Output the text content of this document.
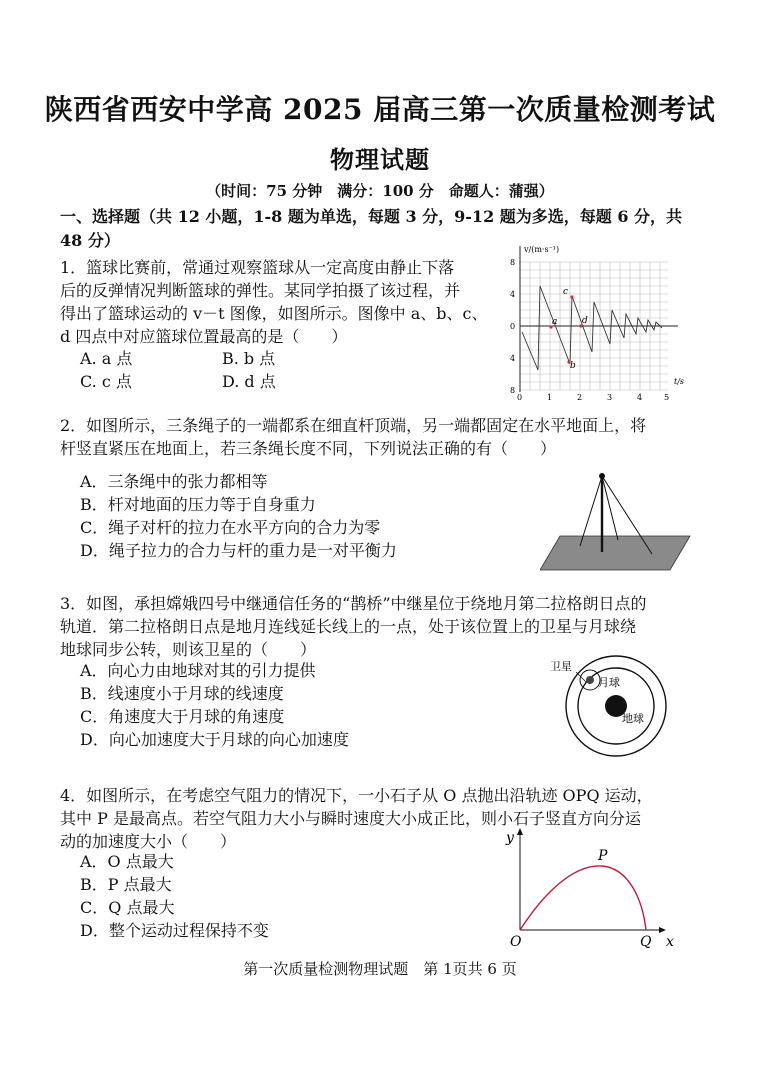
陕西省西安中学高 2025 届高三第一次质量检测考试
物理试题
（时间：75 分钟　满分：100 分　命题人：蒲强）
一、选择题（共 12 小题，1-8 题为单选，每题 3 分，9-12 题为多选，每题 6 分，共
48 分）
1．篮球比赛前，常通过观察篮球从一定高度由静止下落
后的反弹情况判断篮球的弹性。某同学拍摄了该过程，并
得出了篮球运动的 v－t 图像，如图所示。图像中 a、b、c、
d 四点中对应篮球位置最高的是（　　）
A. a 点	B. b 点
C. c 点	D. d 点
v/(m·s⁻¹)
t/s
8
4
0
4
8
0	1	2	3	4	5
a
b
c
d
2．如图所示，三条绳子的一端都系在细直杆顶端，另一端都固定在水平地面上，将
杆竖直紧压在地面上，若三条绳长度不同，下列说法正确的有（　　）
A．三条绳中的张力都相等
B．杆对地面的压力等于自身重力
C．绳子对杆的拉力在水平方向的合力为零
D．绳子拉力的合力与杆的重力是一对平衡力
3．如图，承担嫦娥四号中继通信任务的“鹊桥”中继星位于绕地月第二拉格朗日点的
轨道．第二拉格朗日点是地月连线延长线上的一点，处于该位置上的卫星与月球绕
地球同步公转，则该卫星的（　　）
A．向心力由地球对其的引力提供
B．线速度小于月球的线速度
C．角速度大于月球的角速度
D．向心加速度大于月球的向心加速度
卫星
月球
地球
4．如图所示，在考虑空气阻力的情况下，一小石子从 O 点抛出沿轨迹 OPQ 运动，
其中 P 是最高点。若空气阻力大小与瞬时速度大小成正比，则小石子竖直方向分运
动的加速度大小（　　）
A．O 点最大
B．P 点最大
C．Q 点最大
D．整个运动过程保持不变
y
x
O
P
Q
第一次质量检测物理试题　第 1页共 6 页
